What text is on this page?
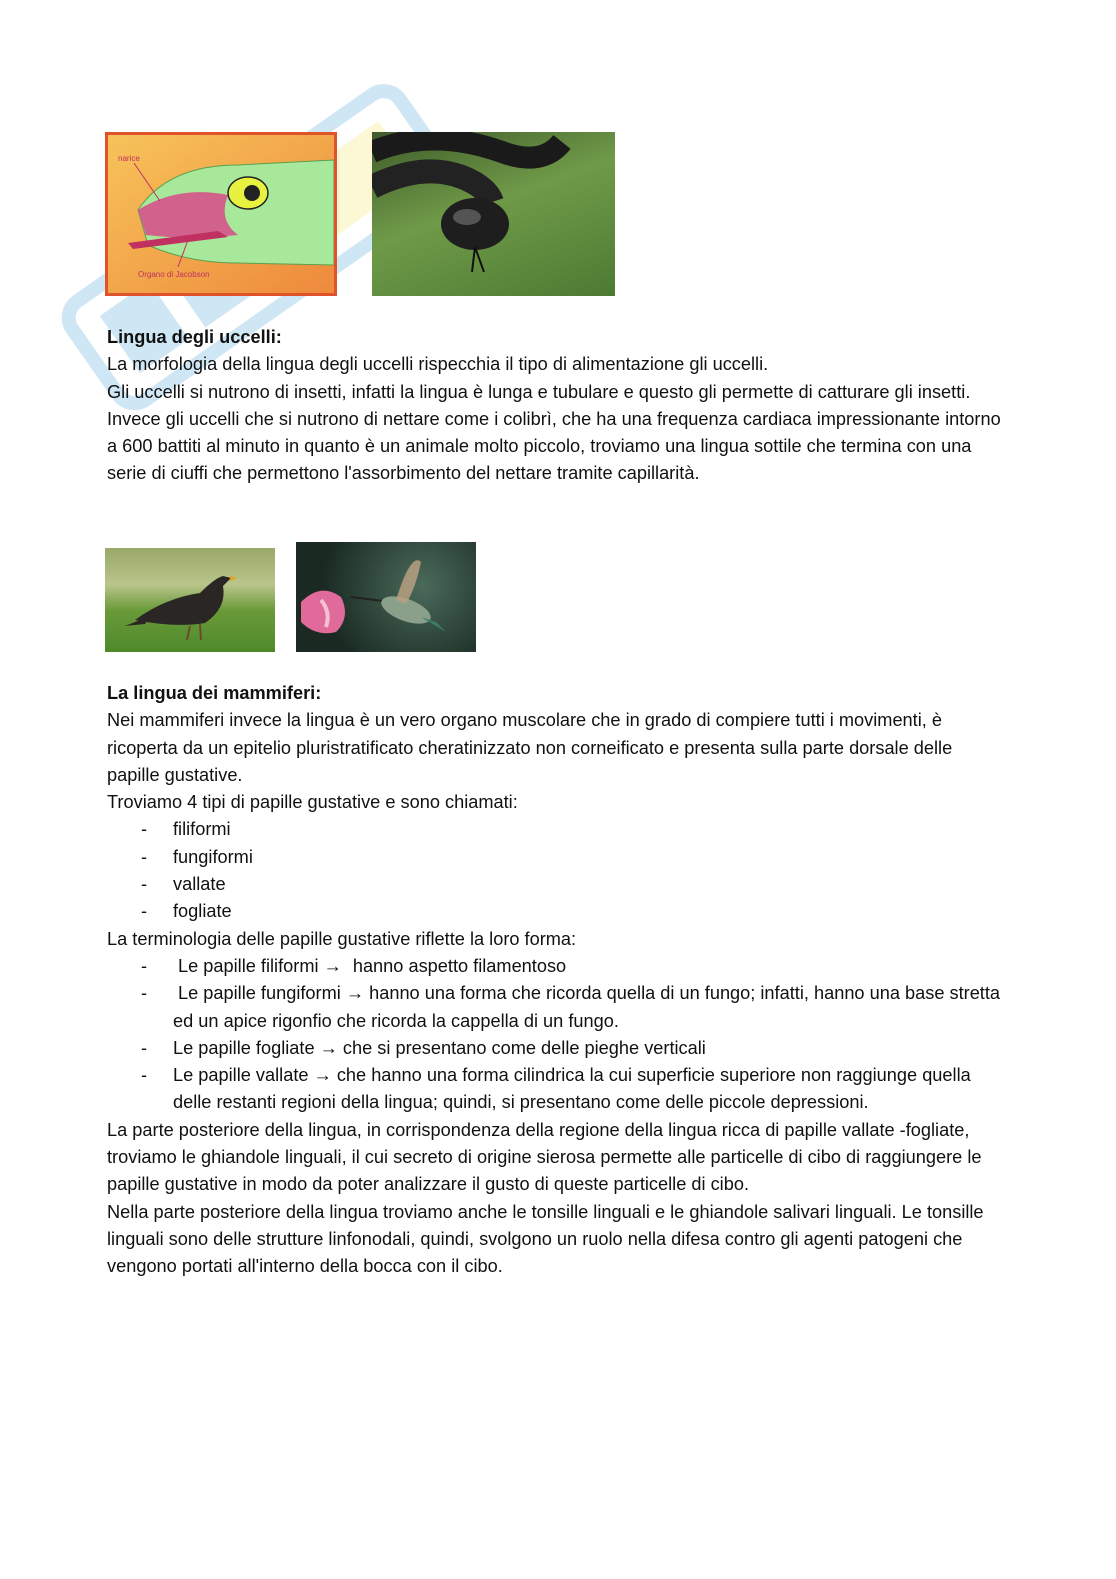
narice
Organo di Jacobson

Lingua degli uccelli:

La morfologia della lingua degli uccelli rispecchia il tipo di alimentazione gli uccelli.

Gli uccelli si nutrono di insetti, infatti la lingua è lunga e tubulare e questo gli permette di catturare gli insetti.

Invece gli uccelli che si nutrono di nettare come i colibrì, che ha una frequenza cardiaca impressionante intorno a 600 battiti al minuto in quanto è un animale molto piccolo, troviamo una lingua sottile che termina con una serie di ciuffi che permettono l'assorbimento del nettare tramite capillarità.

La lingua dei mammiferi:

Nei mammiferi invece la lingua è un vero organo muscolare che in grado di compiere tutti i movimenti, è ricoperta da un epitelio pluristratificato cheratinizzato non corneificato e presenta sulla parte dorsale delle papille gustative.

Troviamo 4 tipi di papille gustative e sono chiamati:

- filiformi
- fungiformi
- vallate
- fogliate

La terminologia delle papille gustative riflette la loro forma:

- Le papille filiformi → hanno aspetto filamentoso
- Le papille fungiformi → hanno una forma che ricorda quella di un fungo; infatti, hanno una base stretta ed un apice rigonfio che ricorda la cappella di un fungo.
- Le papille fogliate → che si presentano come delle pieghe verticali
- Le papille vallate → che hanno una forma cilindrica la cui superficie superiore non raggiunge quella delle restanti regioni della lingua; quindi, si presentano come delle piccole depressioni.

La parte posteriore della lingua, in corrispondenza della regione della lingua ricca di papille vallate -fogliate, troviamo le ghiandole linguali, il cui secreto di origine sierosa permette alle particelle di cibo di raggiungere le papille gustative in modo da poter analizzare il gusto di queste particelle di cibo.

Nella parte posteriore della lingua troviamo anche le tonsille linguali e le ghiandole salivari linguali. Le tonsille linguali sono delle strutture linfonodali, quindi, svolgono un ruolo nella difesa contro gli agenti patogeni che vengono portati all'interno della bocca con il cibo.
